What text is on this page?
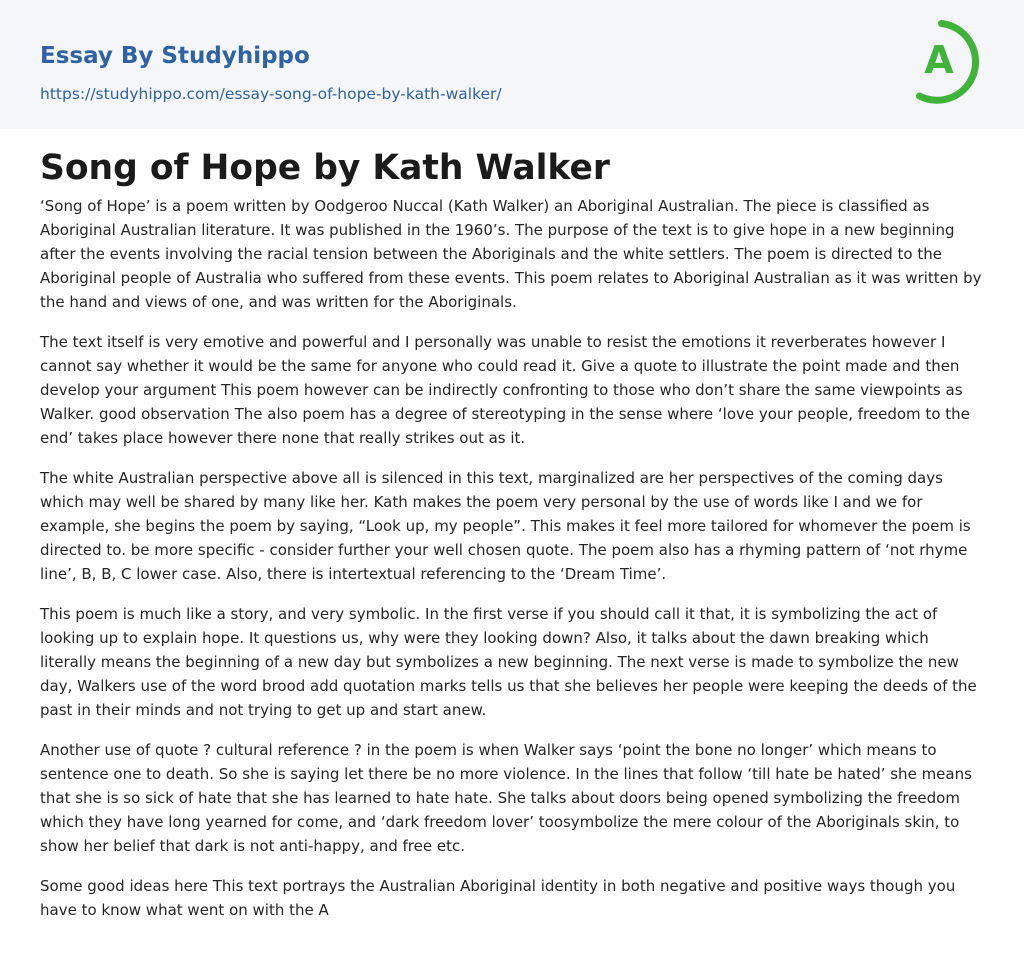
Essay By Studyhippo
https://studyhippo.com/essay-song-of-hope-by-kath-walker/
A
Song of Hope by Kath Walker

‘Song of Hope’ is a poem written by Oodgeroo Nuccal (Kath Walker) an Aboriginal Australian. The piece is classified as Aboriginal Australian literature. It was published in the 1960’s. The purpose of the text is to give hope in a new beginning after the events involving the racial tension between the Aboriginals and the white settlers. The poem is directed to the Aboriginal people of Australia who suffered from these events. This poem relates to Aboriginal Australian as it was written by the hand and views of one, and was written for the Aboriginals.

The text itself is very emotive and powerful and I personally was unable to resist the emotions it reverberates however I cannot say whether it would be the same for anyone who could read it. Give a quote to illustrate the point made and then develop your argument This poem however can be indirectly confronting to those who don’t share the same viewpoints as Walker. good observation The also poem has a degree of stereotyping in the sense where ‘love your people, freedom to the end’ takes place however there none that really strikes out as it.

The white Australian perspective above all is silenced in this text, marginalized are her perspectives of the coming days which may well be shared by many like her. Kath makes the poem very personal by the use of words like I and we for example, she begins the poem by saying, “Look up, my people”. This makes it feel more tailored for whomever the poem is directed to. be more specific - consider further your well chosen quote. The poem also has a rhyming pattern of ‘not rhyme line’, B, B, C lower case. Also, there is intertextual referencing to the ‘Dream Time’.

This poem is much like a story, and very symbolic. In the first verse if you should call it that, it is symbolizing the act of looking up to explain hope. It questions us, why were they looking down? Also, it talks about the dawn breaking which literally means the beginning of a new day but symbolizes a new beginning. The next verse is made to symbolize the new day, Walkers use of the word brood add quotation marks tells us that she believes her people were keeping the deeds of the past in their minds and not trying to get up and start anew.

Another use of quote ? cultural reference ? in the poem is when Walker says ‘point the bone no longer’ which means to sentence one to death. So she is saying let there be no more violence. In the lines that follow ‘till hate be hated’ she means that she is so sick of hate that she has learned to hate hate. She talks about doors being opened symbolizing the freedom which they have long yearned for come, and ‘dark freedom lover’ toosymbolize the mere colour of the Aboriginals skin, to show her belief that dark is not anti-happy, and free etc.

Some good ideas here This text portrays the Australian Aboriginal identity in both negative and positive ways though you have to know what went on with the A
